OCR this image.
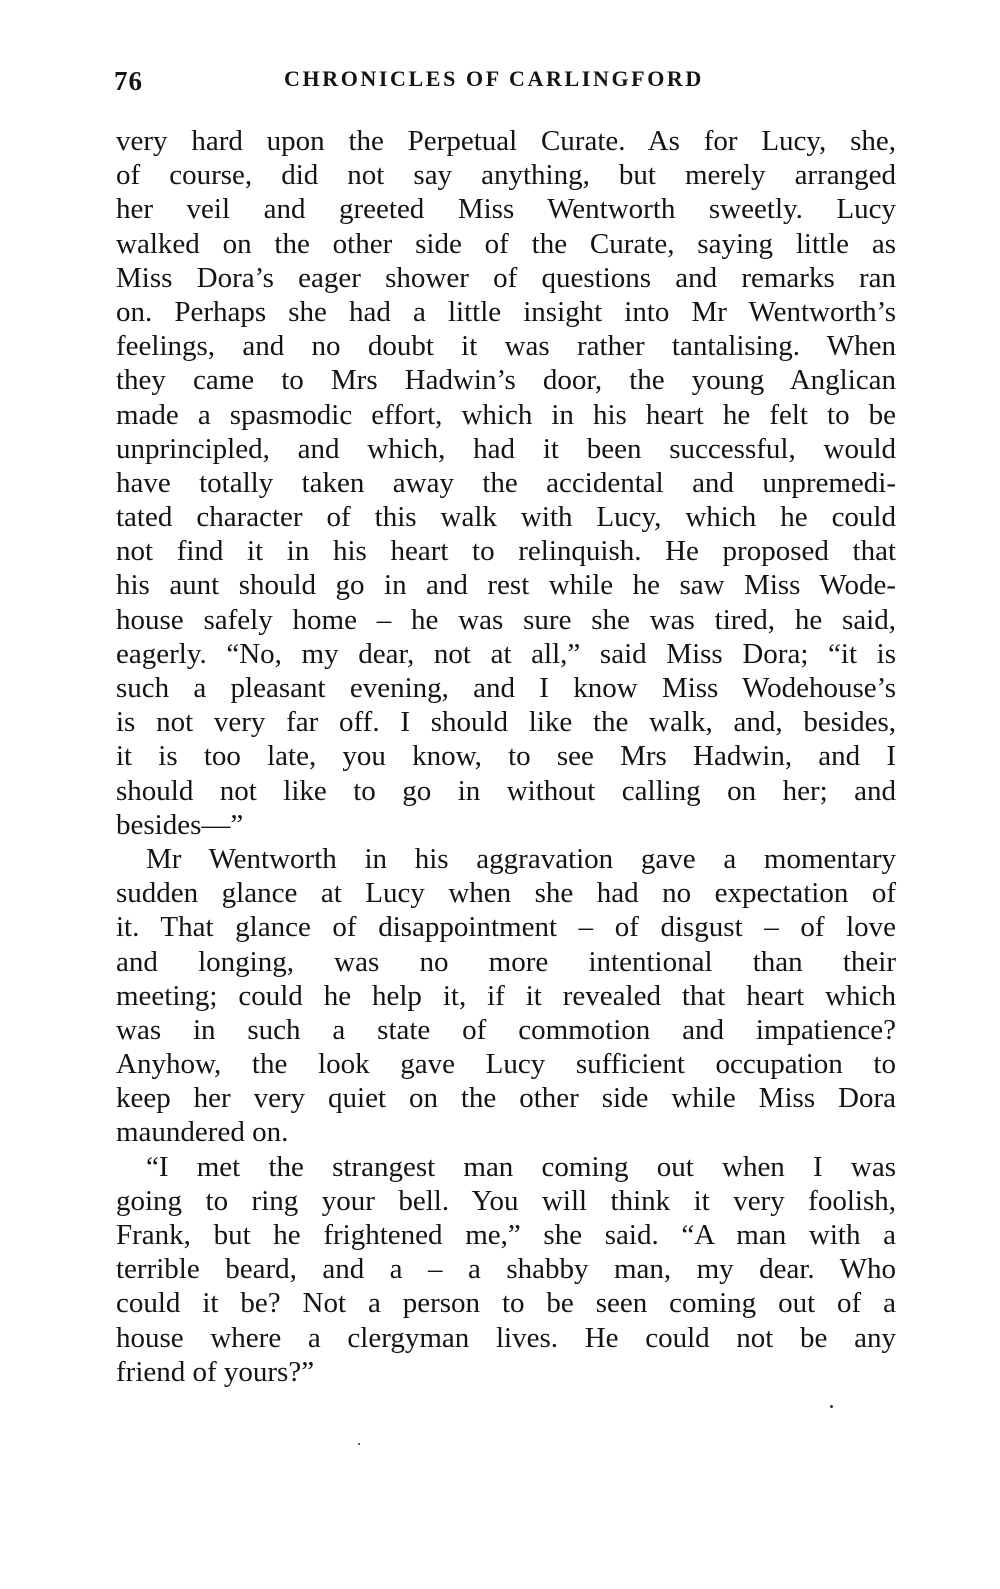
76	CHRONICLES OF CARLINGFORD
very hard upon the Perpetual Curate. As for Lucy, she,
of course, did not say anything, but merely arranged
her veil and greeted Miss Wentworth sweetly. Lucy
walked on the other side of the Curate, saying little as
Miss Dora’s eager shower of questions and remarks ran
on. Perhaps she had a little insight into Mr Wentworth’s
feelings, and no doubt it was rather tantalising. When
they came to Mrs Hadwin’s door, the young Anglican
made a spasmodic effort, which in his heart he felt to be
unprincipled, and which, had it been successful, would
have totally taken away the accidental and unpremedi-
tated character of this walk with Lucy, which he could
not find it in his heart to relinquish. He proposed that
his aunt should go in and rest while he saw Miss Wode-
house safely home – he was sure she was tired, he said,
eagerly. “No, my dear, not at all,” said Miss Dora; “it is
such a pleasant evening, and I know Miss Wodehouse’s
is not very far off. I should like the walk, and, besides,
it is too late, you know, to see Mrs Hadwin, and I
should not like to go in without calling on her; and
besides—”
Mr Wentworth in his aggravation gave a momentary
sudden glance at Lucy when she had no expectation of
it. That glance of disappointment – of disgust – of love
and longing, was no more intentional than their
meeting; could he help it, if it revealed that heart which
was in such a state of commotion and impatience?
Anyhow, the look gave Lucy sufficient occupation to
keep her very quiet on the other side while Miss Dora
maundered on.
“I met the strangest man coming out when I was
going to ring your bell. You will think it very foolish,
Frank, but he frightened me,” she said. “A man with a
terrible beard, and a – a shabby man, my dear. Who
could it be? Not a person to be seen coming out of a
house where a clergyman lives. He could not be any
friend of yours?”
